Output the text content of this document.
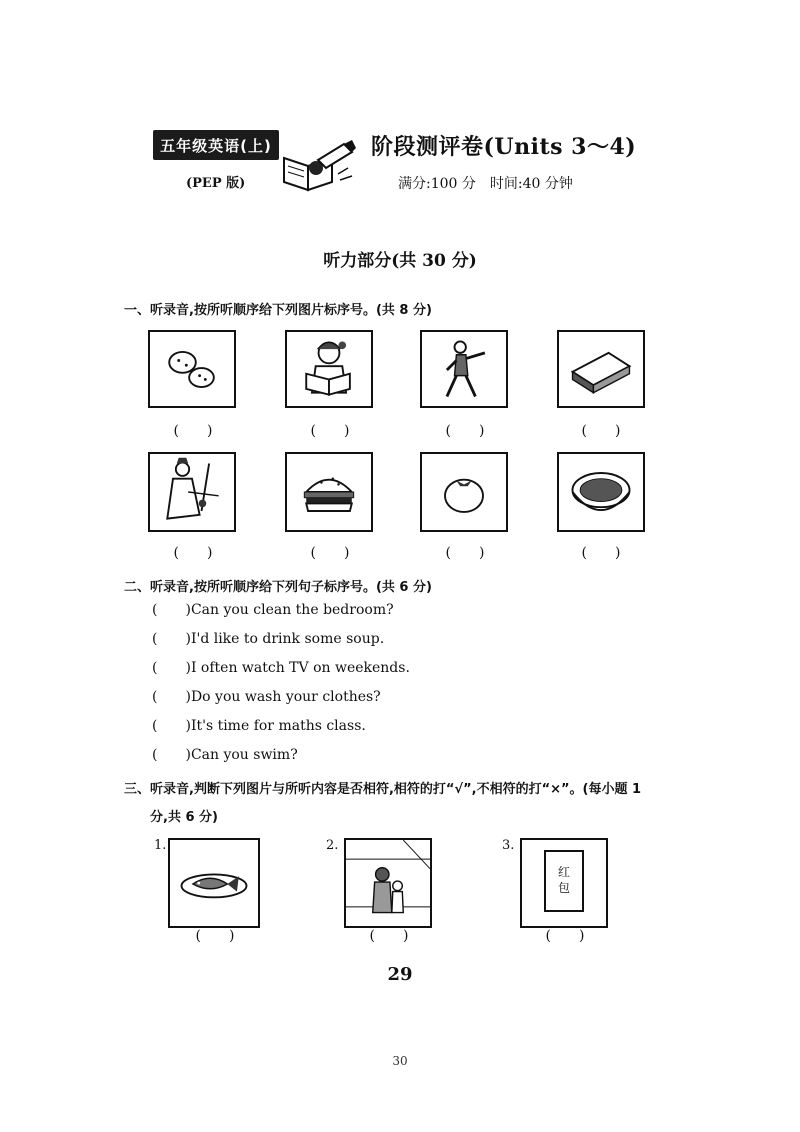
五年级英语(上)
(PEP 版)
阶段测评卷(Units 3～4)
满分:100 分　时间:40 分钟
听力部分(共 30 分)
一、听录音,按所听顺序给下列图片标序号。(共 8 分)
( )	( )	( )	( )
( )	( )	( )	( )
二、听录音,按所听顺序给下列句子标序号。(共 6 分)
( )Can you clean the bedroom?
( )I'd like to drink some soup.
( )I often watch TV on weekends.
( )Do you wash your clothes?
( )It's time for maths class.
( )Can you swim?
三、听录音,判断下列图片与所听内容是否相符,相符的打“√”,不相符的打“×”。(每小题 1
分,共 6 分)
1.
( )
2.
( )
3.
红
包
( )
29
30
